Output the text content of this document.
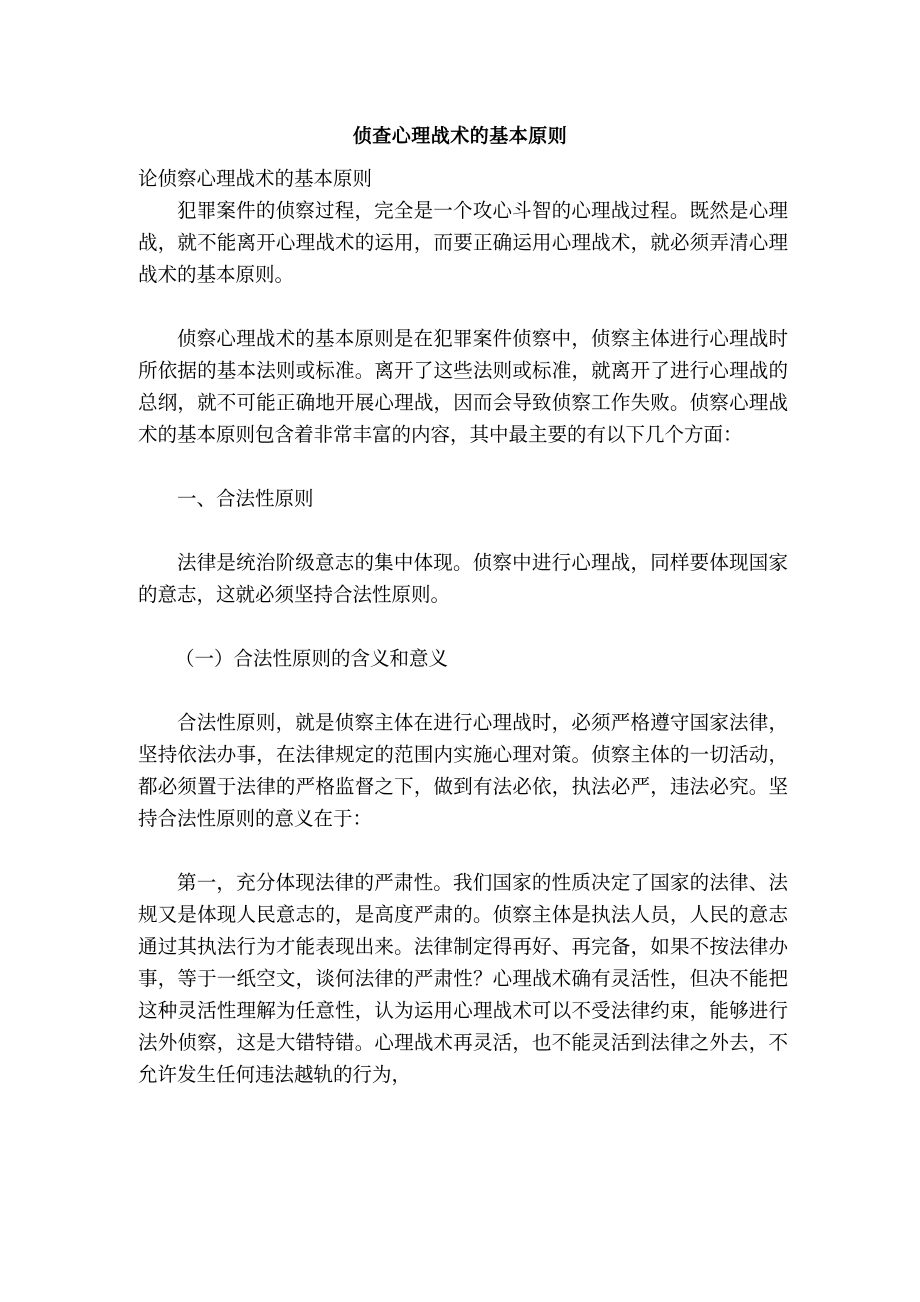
侦查心理战术的基本原则

论侦察心理战术的基本原则

犯罪案件的侦察过程，完全是一个攻心斗智的心理战过程。既然是心理战，就不能离开心理战术的运用，而要正确运用心理战术，就必须弄清心理战术的基本原则。

侦察心理战术的基本原则是在犯罪案件侦察中，侦察主体进行心理战时所依据的基本法则或标准。离开了这些法则或标准，就离开了进行心理战的总纲，就不可能正确地开展心理战，因而会导致侦察工作失败。侦察心理战术的基本原则包含着非常丰富的内容，其中最主要的有以下几个方面：

一、合法性原则

法律是统治阶级意志的集中体现。侦察中进行心理战，同样要体现国家的意志，这就必须坚持合法性原则。

（一）合法性原则的含义和意义

合法性原则，就是侦察主体在进行心理战时，必须严格遵守国家法律，坚持依法办事，在法律规定的范围内实施心理对策。侦察主体的一切活动，都必须置于法律的严格监督之下，做到有法必依，执法必严，违法必究。坚持合法性原则的意义在于：

第一，充分体现法律的严肃性。我们国家的性质决定了国家的法律、法规又是体现人民意志的，是高度严肃的。侦察主体是执法人员，人民的意志通过其执法行为才能表现出来。法律制定得再好、再完备，如果不按法律办事，等于一纸空文，谈何法律的严肃性？心理战术确有灵活性，但决不能把这种灵活性理解为任意性，认为运用心理战术可以不受法律约束，能够进行法外侦察，这是大错特错。心理战术再灵活，也不能灵活到法律之外去，不允许发生任何违法越轨的行为，
